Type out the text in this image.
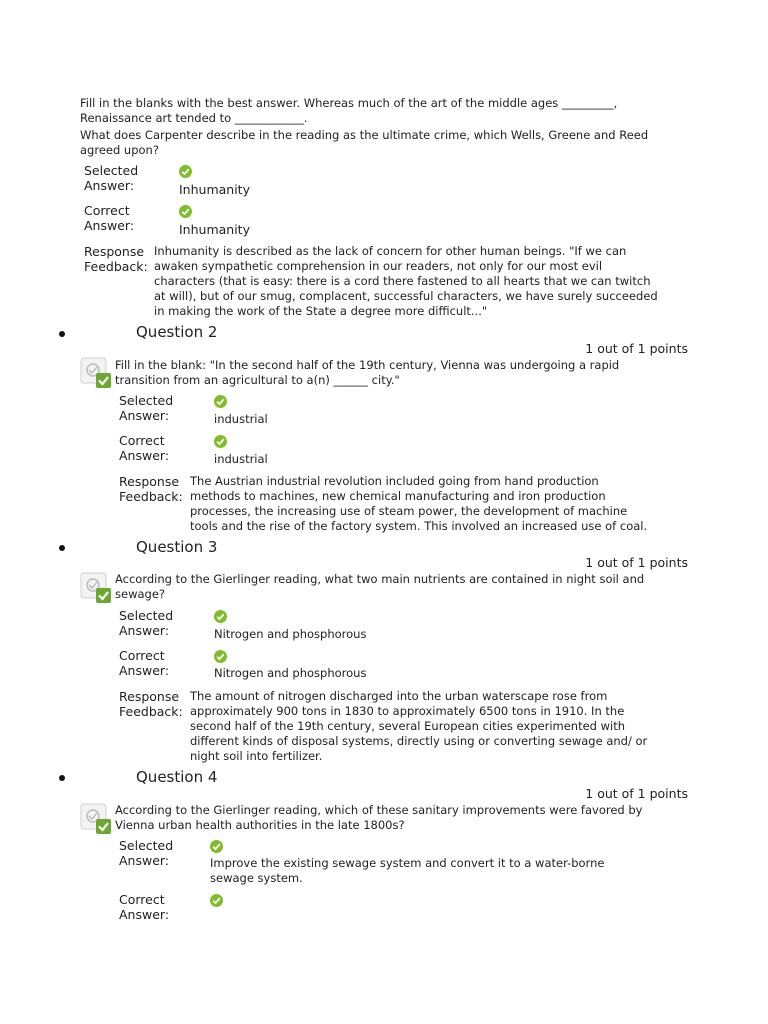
Fill in the blanks with the best answer. Whereas much of the art of the middle ages _________, Renaissance art tended to ____________.
What does Carpenter describe in the reading as the ultimate crime, which Wells, Greene and Reed agreed upon?
Selected Answer:	Inhumanity
Correct Answer:	Inhumanity
Response Feedback:
Inhumanity is described as the lack of concern for other human beings. "If we can awaken sympathetic comprehension in our readers, not only for our most evil characters (that is easy: there is a cord there fastened to all hearts that we can twitch at will), but of our smug, complacent, successful characters, we have surely succeeded in making the work of the State a degree more difficult..."
Question 2
1 out of 1 points
Fill in the blank: "In the second half of the 19th century, Vienna was undergoing a rapid transition from an agricultural to a(n) ______ city."
Selected Answer:	industrial
Correct Answer:	industrial
Response Feedback:
The Austrian industrial revolution included going from hand production methods to machines, new chemical manufacturing and iron production processes, the increasing use of steam power, the development of machine tools and the rise of the factory system. This involved an increased use of coal.
Question 3
1 out of 1 points
According to the Gierlinger reading, what two main nutrients are contained in night soil and sewage?
Selected Answer:	Nitrogen and phosphorous
Correct Answer:	Nitrogen and phosphorous
Response Feedback:
The amount of nitrogen discharged into the urban waterscape rose from approximately 900 tons in 1830 to approximately 6500 tons in 1910. In the second half of the 19th century, several European cities experimented with different kinds of disposal systems, directly using or converting sewage and/ or night soil into fertilizer.
Question 4
1 out of 1 points
According to the Gierlinger reading, which of these sanitary improvements were favored by Vienna urban health authorities in the late 1800s?
Selected Answer:	Improve the existing sewage system and convert it to a water-borne sewage system.
Correct Answer:
